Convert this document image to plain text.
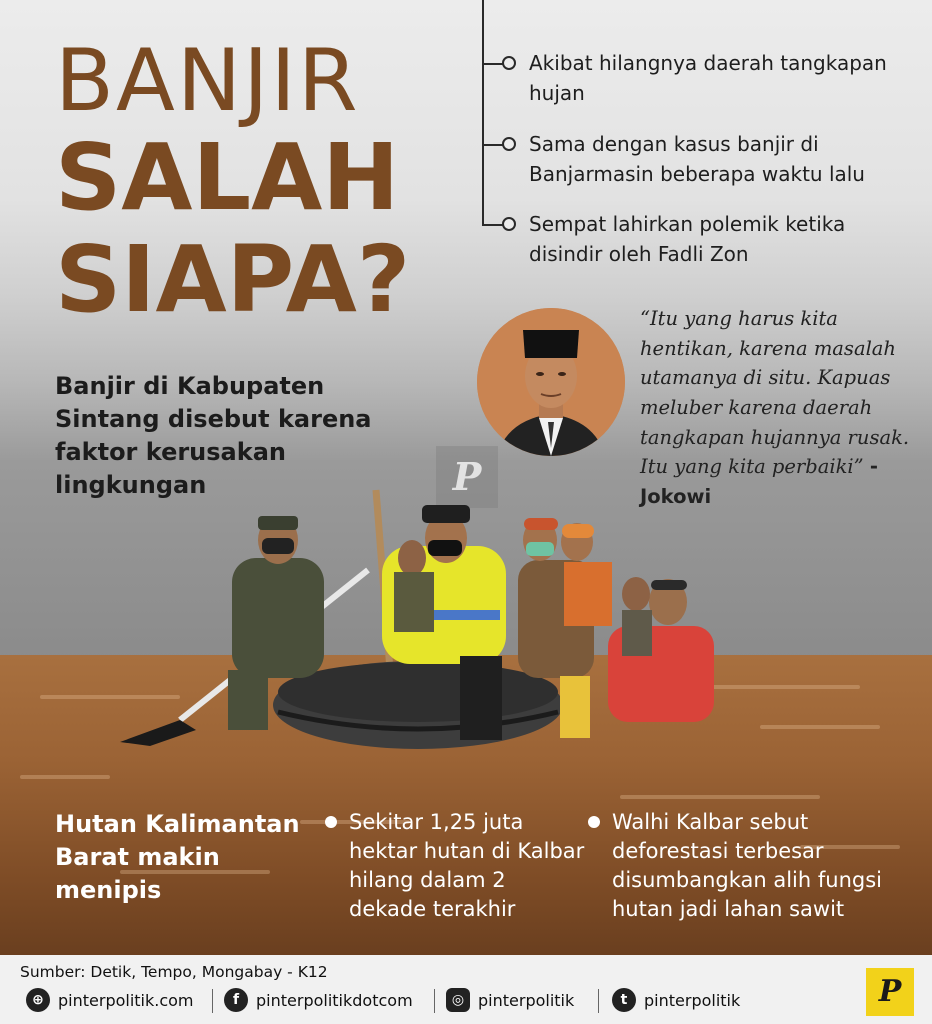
BANJIR
SALAH
SIAPA?
Banjir di Kabupaten Sintang disebut karena faktor kerusakan lingkungan
Akibat hilangnya daerah tangkapan hujan
Sama dengan kasus banjir di Banjarmasin beberapa waktu lalu
Sempat lahirkan polemik ketika disindir oleh Fadli Zon
“Itu yang harus kita hentikan, karena masalah utamanya di situ. Kapuas meluber karena daerah tangkapan hujannya rusak. Itu yang kita perbaiki” - Jokowi
P
Hutan Kalimantan Barat makin menipis
Sekitar 1,25 juta hektar hutan di Kalbar hilang dalam 2 dekade terakhir
Walhi Kalbar sebut deforestasi terbesar disumbangkan alih fungsi hutan jadi lahan sawit
Sumber: Detik, Tempo, Mongabay - K12
⊕ pinterpolitik.com	f	pinterpolitikdotcom	◎ pinterpolitik	t	pinterpolitik	P
